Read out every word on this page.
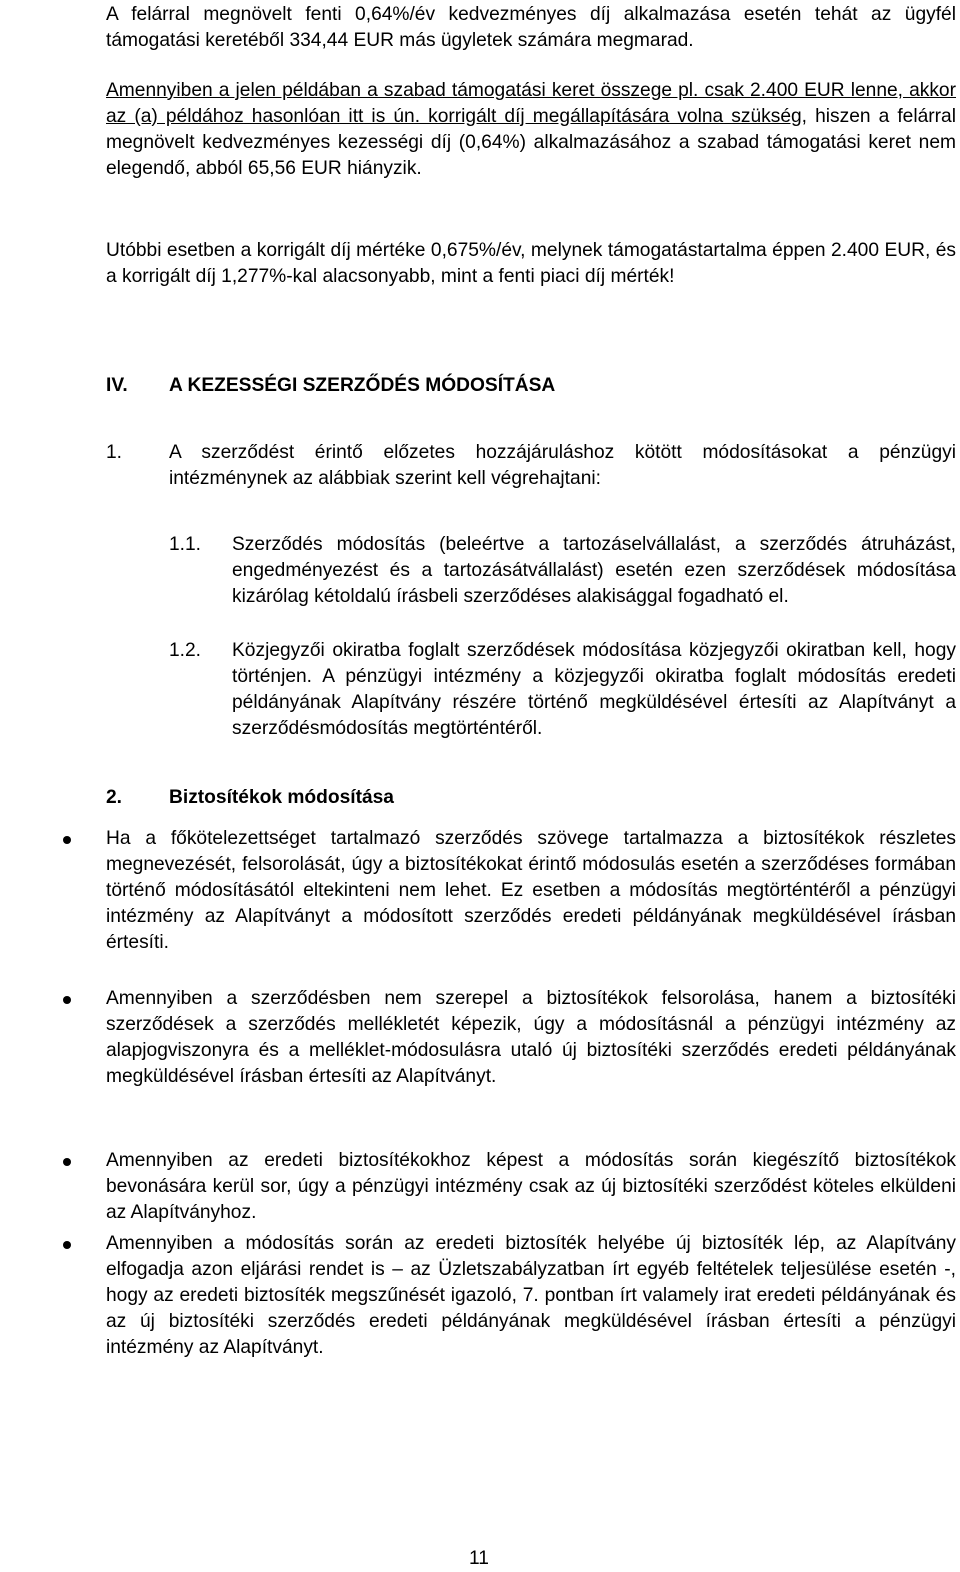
A felárral megnövelt fenti 0,64%/év kedvezményes díj alkalmazása esetén tehát az ügyfél támogatási keretéből 334,44 EUR más ügyletek számára megmarad.

Amennyiben a jelen példában a szabad támogatási keret összege pl. csak 2.400 EUR lenne, akkor az (a) példához hasonlóan itt is ún. korrigált díj megállapítására volna szükség, hiszen a felárral megnövelt kedvezményes kezességi díj (0,64%) alkalmazásához a szabad támogatási keret nem elegendő, abból 65,56 EUR hiányzik.

Utóbbi esetben a korrigált díj mértéke 0,675%/év, melynek támogatástartalma éppen 2.400 EUR, és a korrigált díj 1,277%-kal alacsonyabb, mint a fenti piaci díj mérték!

IV. A KEZESSÉGI SZERZŐDÉS MÓDOSÍTÁSA
1. A szerződést érintő előzetes hozzájáruláshoz kötött módosításokat a pénzügyi intézménynek az alábbiak szerint kell végrehajtani:

1.1. Szerződés módosítás (beleértve a tartozáselvállalást, a szerződés átruházást, engedményezést és a tartozásátvállalást) esetén ezen szerződések módosítása kizárólag kétoldalú írásbeli szerződéses alakisággal fogadható el.

1.2. Közjegyzői okiratba foglalt szerződések módosítása közjegyzői okiratban kell, hogy történjen. A pénzügyi intézmény a közjegyzői okiratba foglalt módosítás eredeti példányának Alapítvány részére történő megküldésével értesíti az Alapítványt a szerződésmódosítás megtörténtéről.

2. Biztosítékok módosítása

Ha a főkötelezettséget tartalmazó szerződés szövege tartalmazza a biztosítékok részletes megnevezését, felsorolását, úgy a biztosítékokat érintő módosulás esetén a szerződéses formában történő módosításától eltekinteni nem lehet. Ez esetben a módosítás megtörténtéről a pénzügyi intézmény az Alapítványt a módosított szerződés eredeti példányának megküldésével írásban értesíti.

Amennyiben a szerződésben nem szerepel a biztosítékok felsorolása, hanem a biztosítéki szerződések a szerződés mellékletét képezik, úgy a módosításnál a pénzügyi intézmény az alapjogviszonyra és a melléklet-módosulásra utaló új biztosítéki szerződés eredeti példányának megküldésével írásban értesíti az Alapítványt.

Amennyiben az eredeti biztosítékokhoz képest a módosítás során kiegészítő biztosítékok bevonására kerül sor, úgy a pénzügyi intézmény csak az új biztosítéki szerződést köteles elküldeni az Alapítványhoz.

Amennyiben a módosítás során az eredeti biztosíték helyébe új biztosíték lép, az Alapítvány elfogadja azon eljárási rendet is – az Üzletszabályzatban írt egyéb feltételek teljesülése esetén -, hogy az eredeti biztosíték megszűnését igazoló, 7. pontban írt valamely irat eredeti példányának és az új biztosítéki szerződés eredeti példányának megküldésével írásban értesíti a pénzügyi intézmény az Alapítványt.

11
